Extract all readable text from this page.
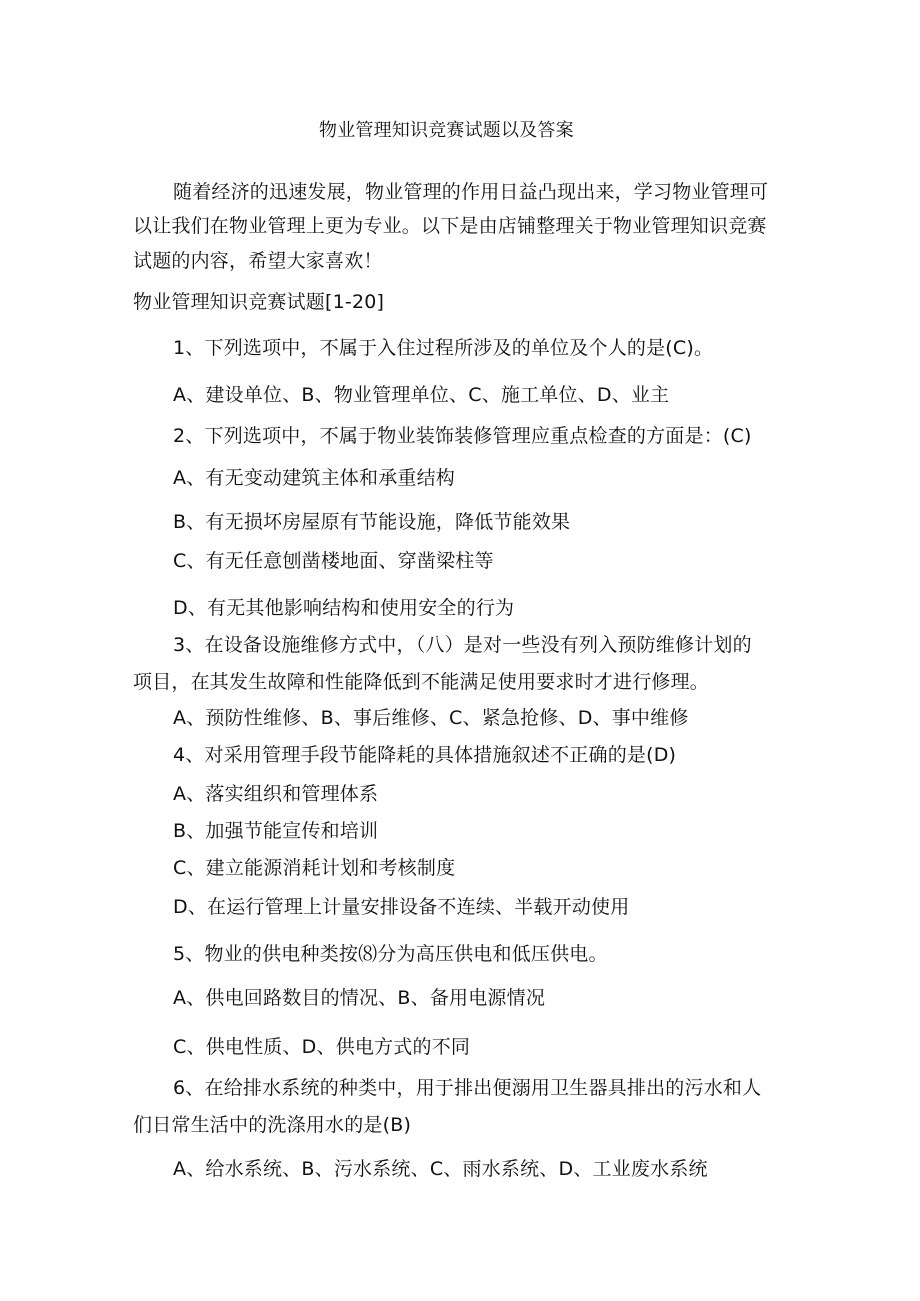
物业管理知识竞赛试题以及答案
随着经济的迅速发展，物业管理的作用日益凸现出来，学习物业管理可
以让我们在物业管理上更为专业。以下是由店铺整理关于物业管理知识竞赛
试题的内容，希望大家喜欢！
物业管理知识竞赛试题[1-20]
1、下列选项中，不属于入住过程所涉及的单位及个人的是(C)。
A、建设单位、B、物业管理单位、C、施工单位、D、业主
2、下列选项中，不属于物业装饰装修管理应重点检查的方面是：(C)
A、有无变动建筑主体和承重结构
B、有无损坏房屋原有节能设施，降低节能效果
C、有无任意刨凿楼地面、穿凿梁柱等
D、有无其他影响结构和使用安全的行为
3、在设备设施维修方式中，（八）是对一些没有列入预防维修计划的
项目，在其发生故障和性能降低到不能满足使用要求时才进行修理。
A、预防性维修、B、事后维修、C、紧急抢修、D、事中维修
4、对采用管理手段节能降耗的具体措施叙述不正确的是(D)
A、落实组织和管理体系
B、加强节能宣传和培训
C、建立能源消耗计划和考核制度
D、在运行管理上计量安排设备不连续、半载开动使用
5、物业的供电种类按⑻分为高压供电和低压供电。
A、供电回路数目的情况、B、备用电源情况
C、供电性质、D、供电方式的不同
6、在给排水系统的种类中，用于排出便溺用卫生器具排出的污水和人
们日常生活中的洗涤用水的是(B)
A、给水系统、B、污水系统、C、雨水系统、D、工业废水系统
